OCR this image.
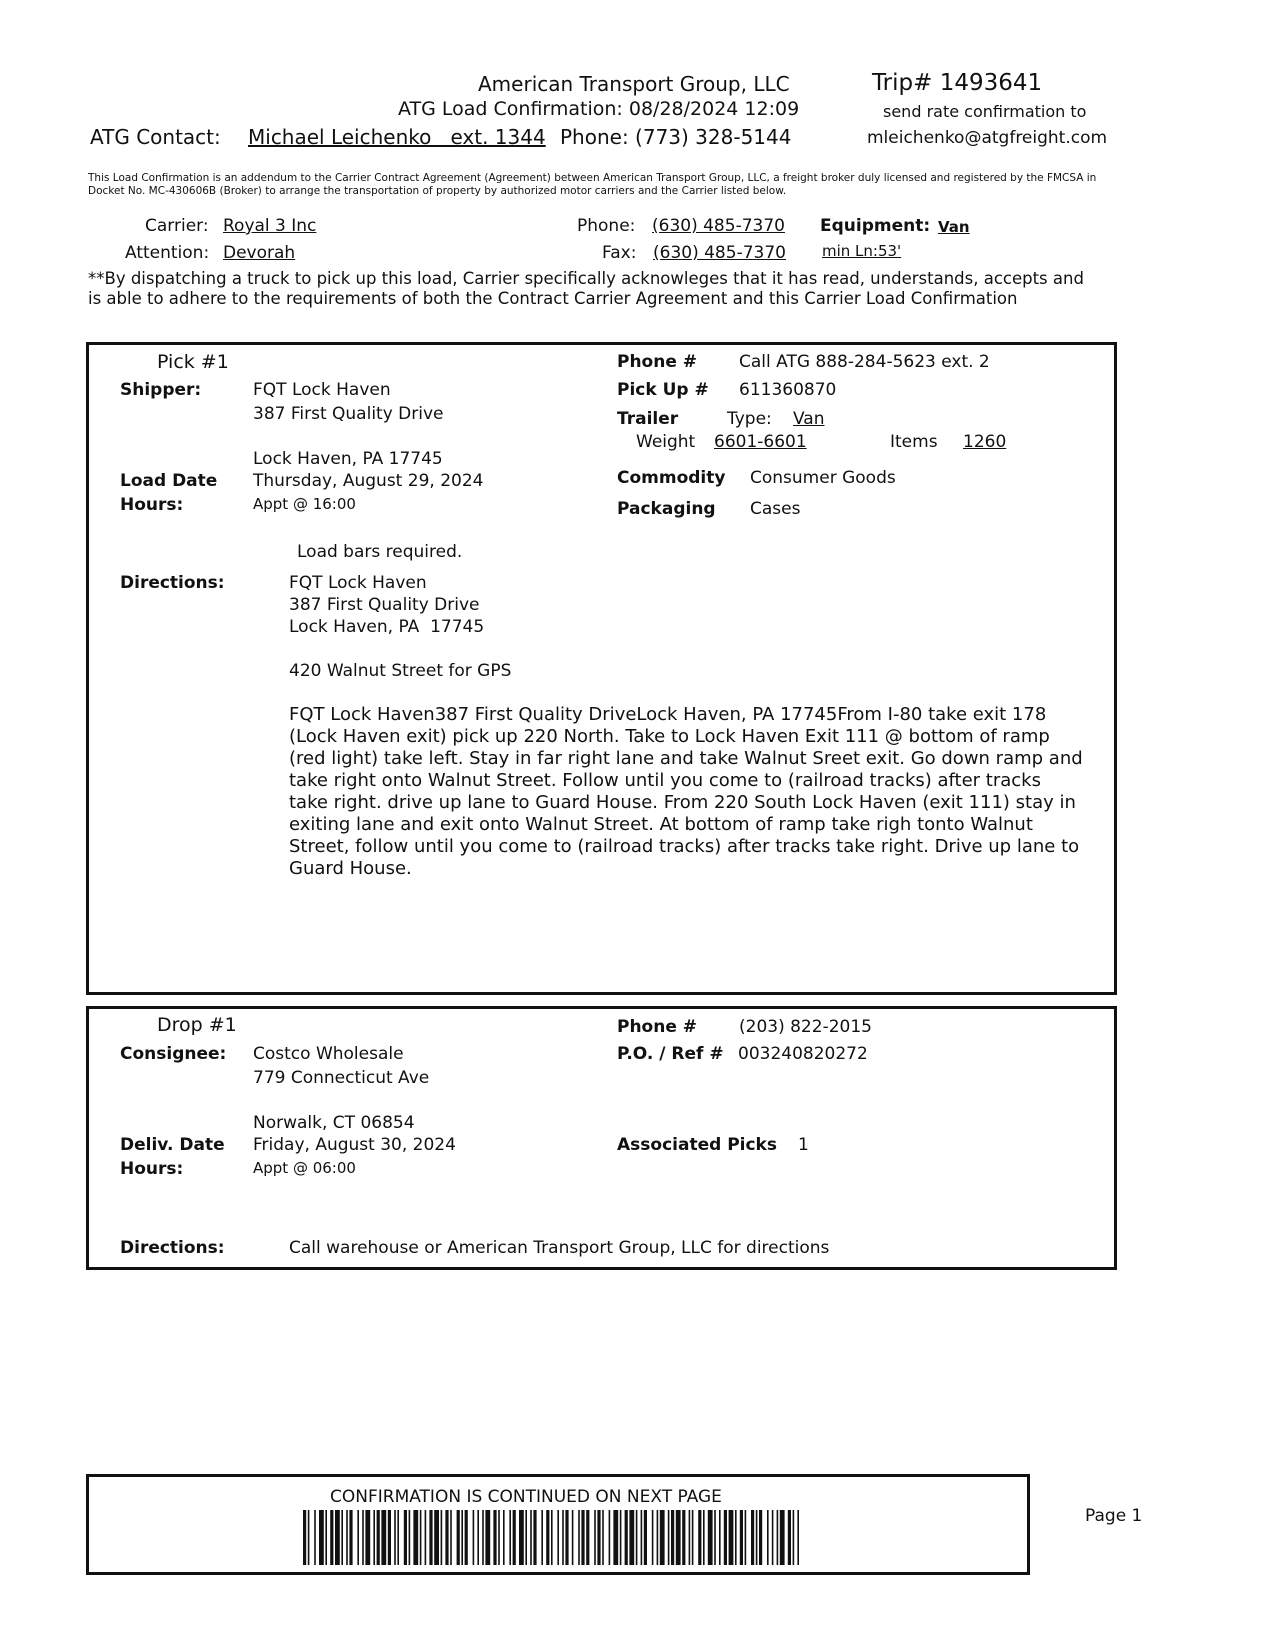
American Transport Group, LLC	Trip# 1493641
ATG Load Confirmation: 08/28/2024 12:09	send rate confirmation to
ATG Contact: Michael Leichenko   ext. 1344 Phone: (773) 328-5144	mleichenko@atgfreight.com
This Load Confirmation is an addendum to the Carrier Contract Agreement (Agreement) between American Transport Group, LLC, a freight broker duly licensed and registered by the FMCSA in Docket No. MC-430606B (Broker) to arrange the transportation of property by authorized motor carriers and the Carrier listed below.
Carrier: Royal 3 Inc
Attention: Devorah
Phone: (630) 485-7370
Fax: (630) 485-7370
Equipment: Van
min Ln:53'
**By dispatching a truck to pick up this load, Carrier specifically acknowleges that it has read, understands, accepts and is able to adhere to the requirements of both the Contract Carrier Agreement and this Carrier Load Confirmation
Pick #1
Shipper:	FQT Lock Haven
387 First Quality Drive
Lock Haven, PA 17745
Load Date Thursday, August 29, 2024
Hours:	Appt @ 16:00
Phone # Call ATG 888-284-5623 ext. 2
Pick Up # 611360870
Trailer	Type: Van
Weight 6601-6601	Items 1260
Commodity Consumer Goods
Packaging Cases
Load bars required.
Directions:	FQT Lock Haven
387 First Quality Drive
Lock Haven, PA  17745
420 Walnut Street for GPS
FQT Lock Haven387 First Quality DriveLock Haven, PA 17745From I-80 take exit 178 (Lock Haven exit) pick up 220 North. Take to Lock Haven Exit 111 @ bottom of ramp (red light) take left. Stay in far right lane and take Walnut Sreet exit. Go down ramp and take right onto Walnut Street. Follow until you come to (railroad tracks) after tracks take right. drive up lane to Guard House. From 220 South Lock Haven (exit 111) stay in exiting lane and exit onto Walnut Street. At bottom of ramp take righ tonto Walnut Street, follow until you come to (railroad tracks) after tracks take right. Drive up lane to Guard House.
Drop #1
Consignee: Costco Wholesale
779 Connecticut Ave
Norwalk, CT 06854
Deliv. Date Friday, August 30, 2024
Hours:	Appt @ 06:00
Phone # (203) 822-2015
P.O. / Ref # 003240820272
Associated Picks 1
Directions:	Call warehouse or American Transport Group, LLC for directions
CONFIRMATION IS CONTINUED ON NEXT PAGE
Page 1
